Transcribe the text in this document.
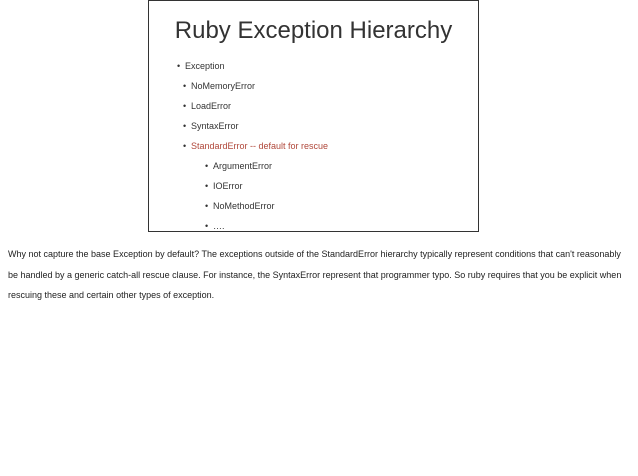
Ruby Exception Hierarchy
• Exception
• NoMemoryError
• LoadError
• SyntaxError
• StandardError -- default for rescue
• ArgumentError
• IOError
• NoMethodError
• ….

Why not capture the base Exception by default? The exceptions outside of the StandardError hierarchy typically represent conditions that can't reasonably be handled by a generic catch-all rescue clause. For instance, the SyntaxError represent that programmer typo. So ruby requires that you be explicit when rescuing these and certain other types of exception.
